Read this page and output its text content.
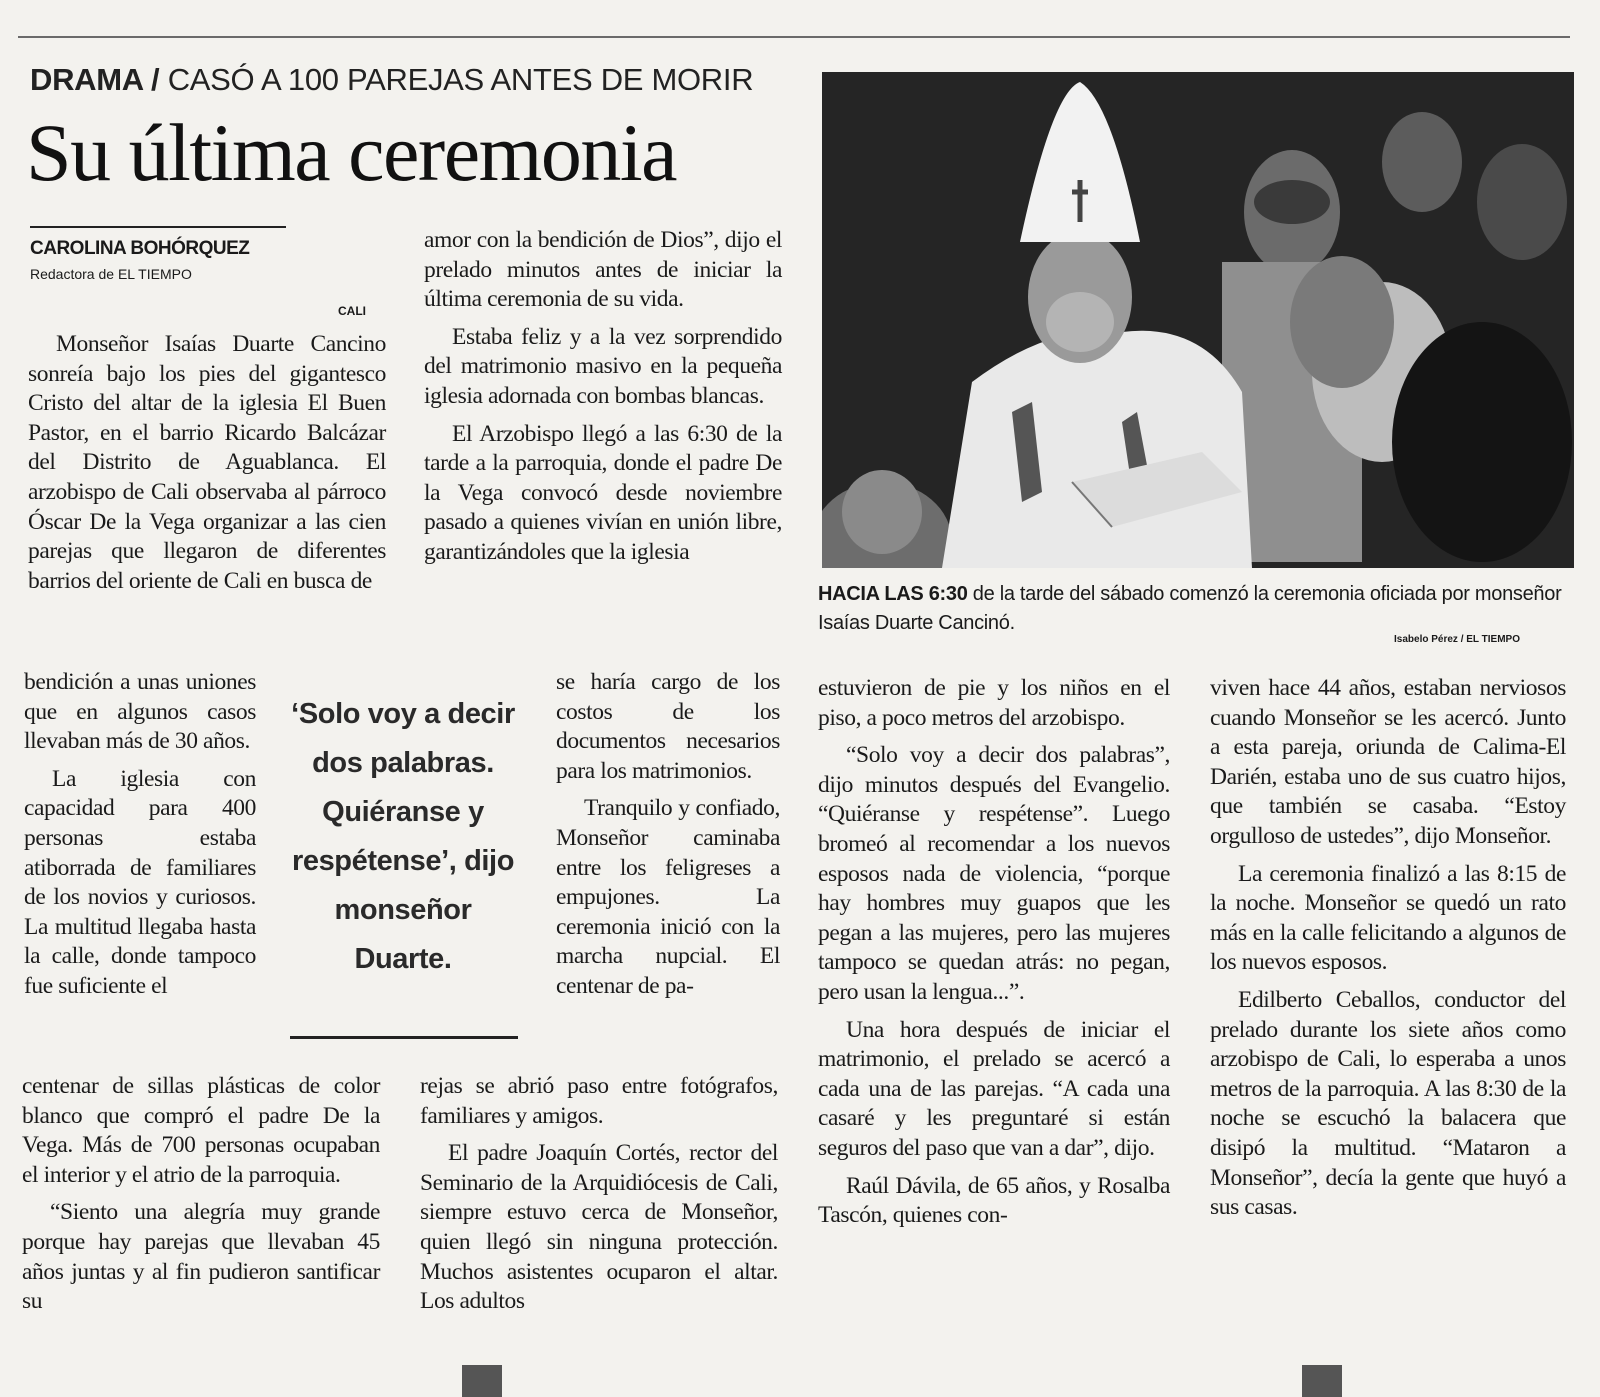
DRAMA / CASÓ A 100 PAREJAS ANTES DE MORIR
Su última ceremonia
CAROLINA BOHÓRQUEZ
Redactora de EL TIEMPO
CALI

Monseñor Isaías Duarte Cancino sonreía bajo los pies del gigantesco Cristo del altar de la iglesia El Buen Pastor, en el barrio Ricardo Balcázar del Distrito de Aguablanca. El arzobispo de Cali observaba al párroco Óscar De la Vega organizar a las cien parejas que llegaron de diferentes barrios del oriente de Cali en busca de

bendición a unas uniones que en algunos casos llevaban más de 30 años.

La iglesia con capacidad para 400 personas estaba atiborrada de familiares de los novios y curiosos. La multitud llegaba hasta la calle, donde tampoco fue suficiente el

centenar de sillas plásticas de color blanco que compró el padre De la Vega. Más de 700 personas ocupaban el interior y el atrio de la parroquia.

“Siento una alegría muy grande porque hay parejas que llevaban 45 años juntas y al fin pudieron santificar su

amor con la bendición de Dios”, dijo el prelado minutos antes de iniciar la última ceremonia de su vida.

Estaba feliz y a la vez sorprendido del matrimonio masivo en la pequeña iglesia adornada con bombas blancas.

El Arzobispo llegó a las 6:30 de la tarde a la parroquia, donde el padre De la Vega convocó desde noviembre pasado a quienes vivían en unión libre, garantizándoles que la iglesia

se haría cargo de los costos de los documentos necesarios para los matrimonios.

Tranquilo y confiado, Monseñor caminaba entre los feligreses a empujones. La ceremonia inició con la marcha nupcial. El centenar de pa-

rejas se abrió paso entre fotógrafos, familiares y amigos.

El padre Joaquín Cortés, rector del Seminario de la Arquidiócesis de Cali, siempre estuvo cerca de Monseñor, quien llegó sin ninguna protección. Muchos asistentes ocuparon el altar. Los adultos

‘Solo voy a decir dos palabras. Quiéranse y respétense’, dijo monseñor Duarte.
HACIA LAS 6:30 de la tarde del sábado comenzó la ceremonia oficiada por monseñor Isaías Duarte Cancinó.
Isabelo Pérez / EL TIEMPO

estuvieron de pie y los niños en el piso, a poco metros del arzobispo.

“Solo voy a decir dos palabras”, dijo minutos después del Evangelio. “Quiéranse y respétense”. Luego bromeó al recomendar a los nuevos esposos nada de violencia, “porque hay hombres muy guapos que les pegan a las mujeres, pero las mujeres tampoco se quedan atrás: no pegan, pero usan la lengua...”.

Una hora después de iniciar el matrimonio, el prelado se acercó a cada una de las parejas. “A cada una casaré y les preguntaré si están seguros del paso que van a dar”, dijo.

Raúl Dávila, de 65 años, y Rosalba Tascón, quienes con-

viven hace 44 años, estaban nerviosos cuando Monseñor se les acercó. Junto a esta pareja, oriunda de Calima-El Darién, estaba uno de sus cuatro hijos, que también se casaba. “Estoy orgulloso de ustedes”, dijo Monseñor.

La ceremonia finalizó a las 8:15 de la noche. Monseñor se quedó un rato más en la calle felicitando a algunos de los nuevos esposos.

Edilberto Ceballos, conductor del prelado durante los siete años como arzobispo de Cali, lo esperaba a unos metros de la parroquia. A las 8:30 de la noche se escuchó la balacera que disipó la multitud. “Mataron a Monseñor”, decía la gente que huyó a sus casas.
